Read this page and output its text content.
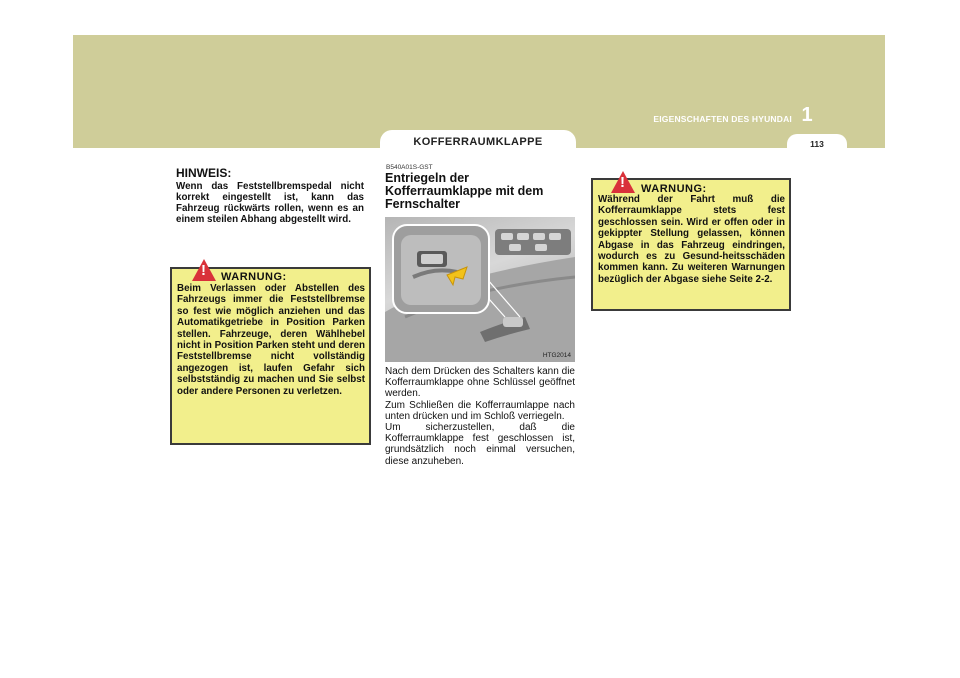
1
EIGENSCHAFTEN DES HYUNDAI
113
KOFFERRAUMKLAPPE
HINWEIS:

Wenn das Feststellbremspedal nicht korrekt eingestellt ist, kann das Fahrzeug rückwärts rollen, wenn es an einem steilen Abhang abgestellt wird.

! WARNUNG:

Beim Verlassen oder Abstellen des Fahrzeugs immer die Feststellbremse so fest wie möglich anziehen und das Automatikgetriebe in Position Parken stellen. Fahrzeuge, deren Wählhebel nicht in Position Parken steht und deren Feststellbremse nicht vollständig angezogen ist, laufen Gefahr sich selbstständig zu machen und Sie selbst oder andere Personen zu verletzen.

B540A01S-GST
Entriegeln der Kofferraumklappe mit dem Fernschalter
HTG2014

Nach dem Drücken des Schalters kann die Kofferraumklappe ohne Schlüssel geöffnet werden.

Zum Schließen die Kofferraumlappe nach unten drücken und im Schloß verriegeln.

Um sicherzustellen, daß die Kofferraumklappe fest geschlossen ist, grundsätzlich noch einmal versuchen, diese anzuheben.

! WARNUNG:

Während der Fahrt muß die Kofferraumklappe stets fest geschlossen sein. Wird er offen oder in gekippter Stellung gelassen, können Abgase in das Fahrzeug eindringen, wodurch es zu Gesund-heitsschäden kommen kann. Zu weiteren Warnungen bezüglich der Abgase siehe Seite 2-2.
